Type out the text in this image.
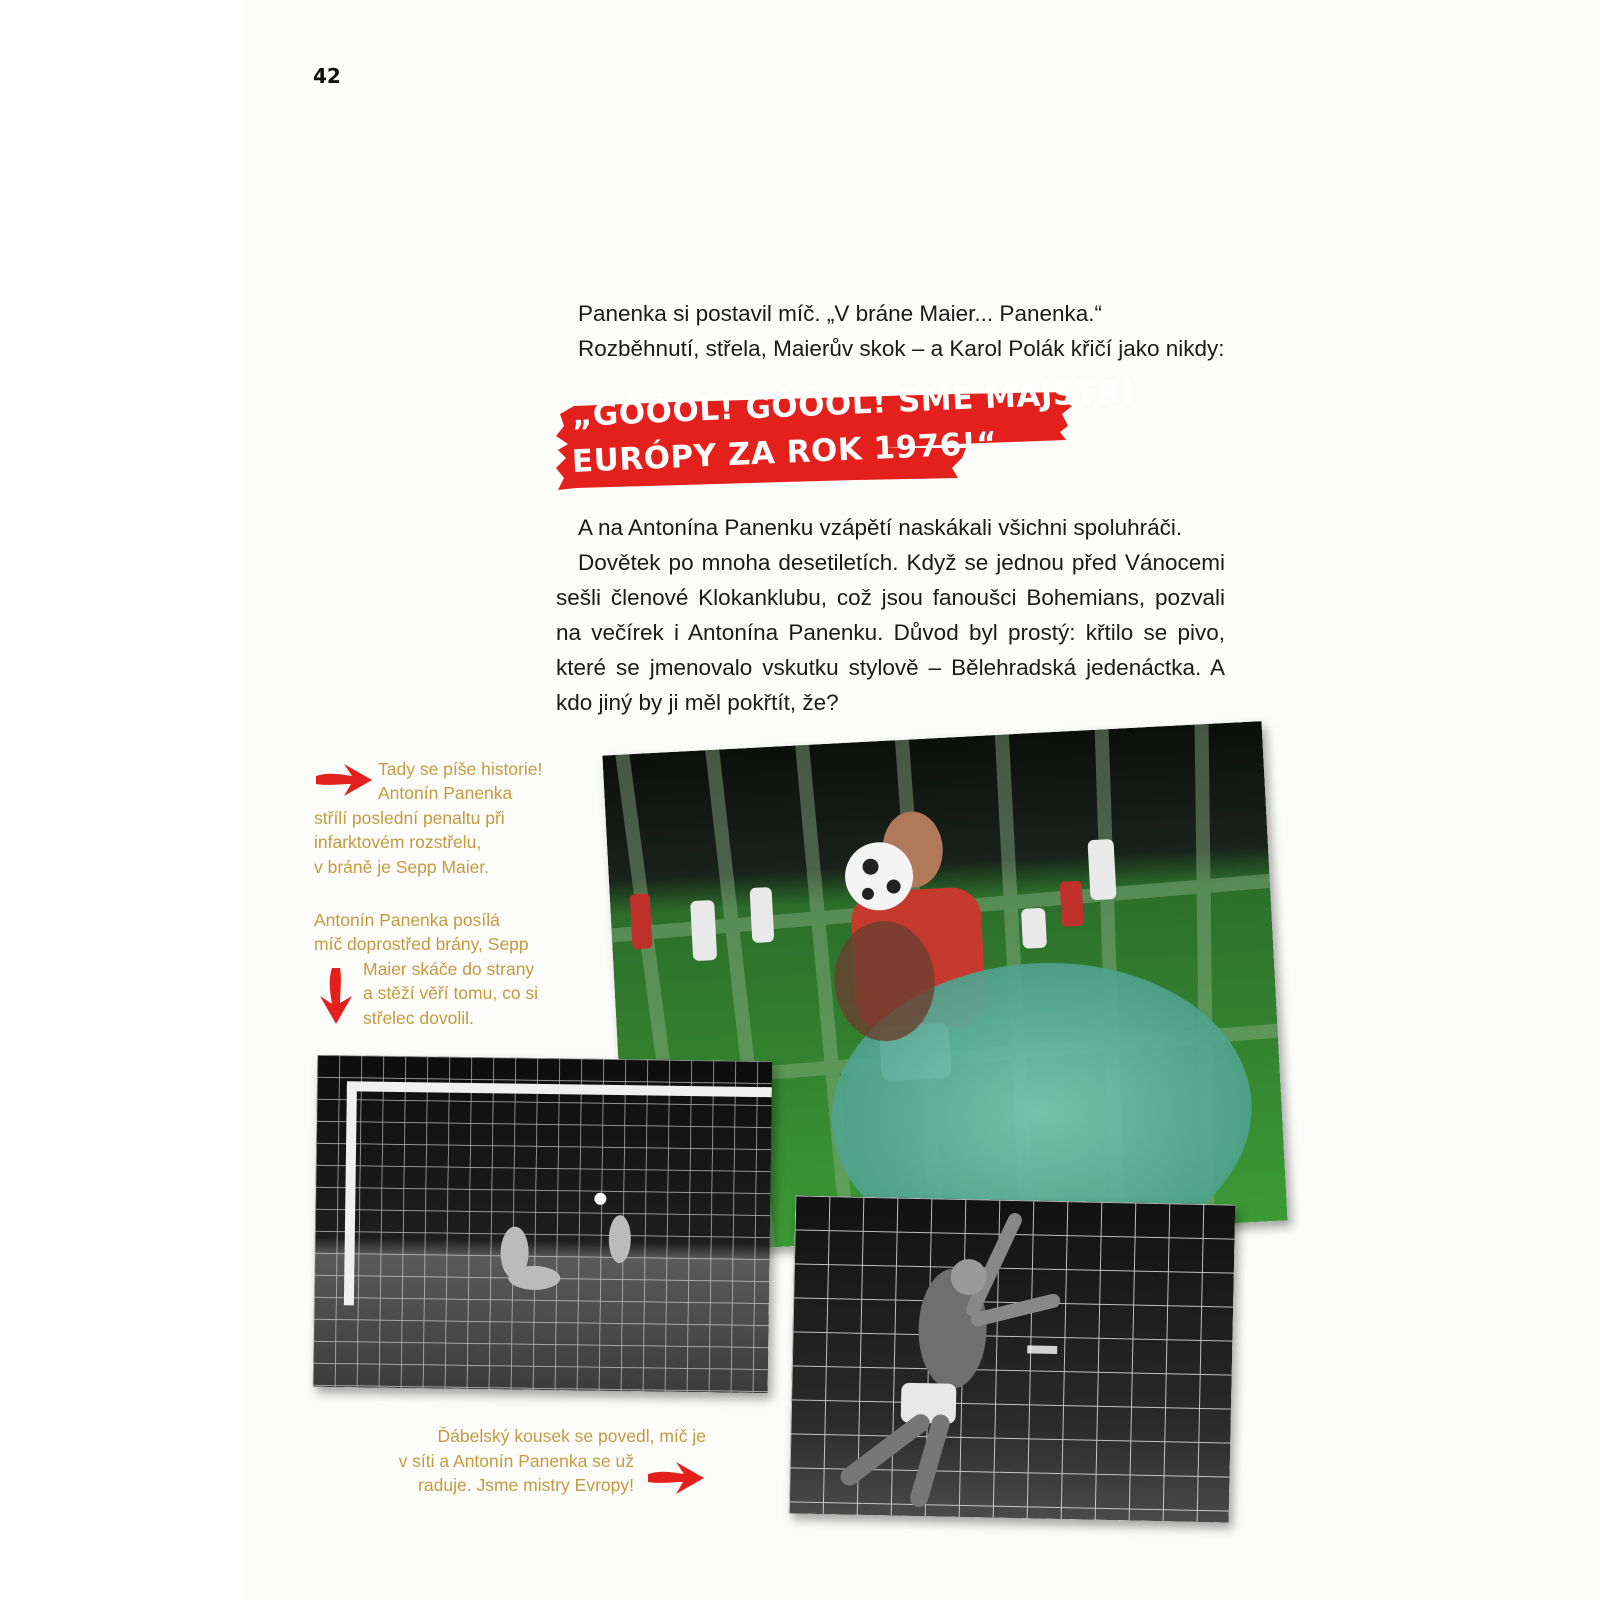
42

Panenka si postavil míč. „V bráne Maier... Panenka.“

Rozběhnutí, střela, Maierův skok – a Karol Polák křičí jako nikdy:

„GÓÓÓL! GÓÓÓL! SME MAJSTRI
EURÓPY ZA ROK 1976!“

A na Antonína Panenku vzápětí naskákali všichni spoluhráči.

Dovětek po mnoha desetiletích. Když se jednou před Vánocemi sešli členové Klokanklubu, což jsou fanoušci Bohemians, pozvali na večírek i Antonína Panenku. Důvod byl prostý: křtilo se pivo, které se jmenovalo vskutku stylově – Bělehradská jedenáctka. A kdo jiný by ji měl pokřtít, že?

Tady se píše historie!
Antonín Panenka
střílí poslední penaltu při
infarktovém rozstřelu,
v bráně je Sepp Maier.
Antonín Panenka posílá
míč doprostřed brány, Sepp
Maier skáče do strany
a stěží věří tomu, co si
střelec dovolil.
Ďábelský kousek se povedl, míč je
v síti a Antonín Panenka se už
raduje. Jsme mistry Evropy!
